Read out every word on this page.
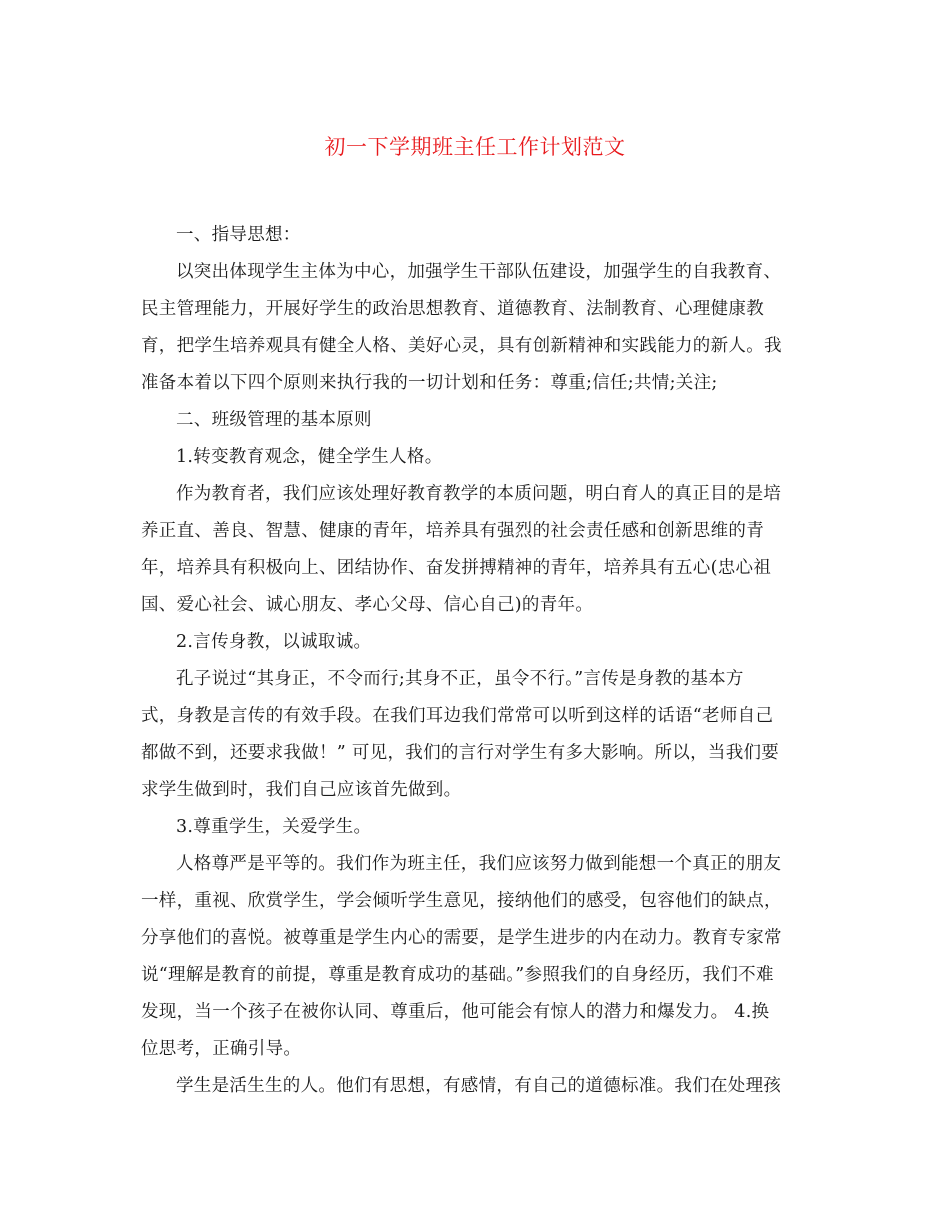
初一下学期班主任工作计划范文
一、指导思想：
以突出体现学生主体为中心，加强学生干部队伍建设，加强学生的自我教育、
民主管理能力，开展好学生的政治思想教育、道德教育、法制教育、心理健康教
育，把学生培养观具有健全人格、美好心灵，具有创新精神和实践能力的新人。我
准备本着以下四个原则来执行我的一切计划和任务：尊重;信任;共情;关注;
二、班级管理的基本原则
1.转变教育观念，健全学生人格。
作为教育者，我们应该处理好教育教学的本质问题，明白育人的真正目的是培
养正直、善良、智慧、健康的青年，培养具有强烈的社会责任感和创新思维的青
年，培养具有积极向上、团结协作、奋发拼搏精神的青年，培养具有五心(忠心祖
国、爱心社会、诚心朋友、孝心父母、信心自己)的青年。
2.言传身教，以诚取诚。
孔子说过“其身正，不令而行;其身不正，虽令不行。”言传是身教的基本方
式，身教是言传的有效手段。在我们耳边我们常常可以听到这样的话语“老师自己
都做不到，还要求我做！” 可见，我们的言行对学生有多大影响。所以，当我们要
求学生做到时，我们自己应该首先做到。
3.尊重学生，关爱学生。
人格尊严是平等的。我们作为班主任，我们应该努力做到能想一个真正的朋友
一样，重视、欣赏学生，学会倾听学生意见，接纳他们的感受，包容他们的缺点，
分享他们的喜悦。被尊重是学生内心的需要，是学生进步的内在动力。教育专家常
说“理解是教育的前提，尊重是教育成功的基础。”参照我们的自身经历，我们不难
发现，当一个孩子在被你认同、尊重后，他可能会有惊人的潜力和爆发力。 4.换
位思考，正确引导。
学生是活生生的人。他们有思想，有感情，有自己的道德标准。我们在处理孩
